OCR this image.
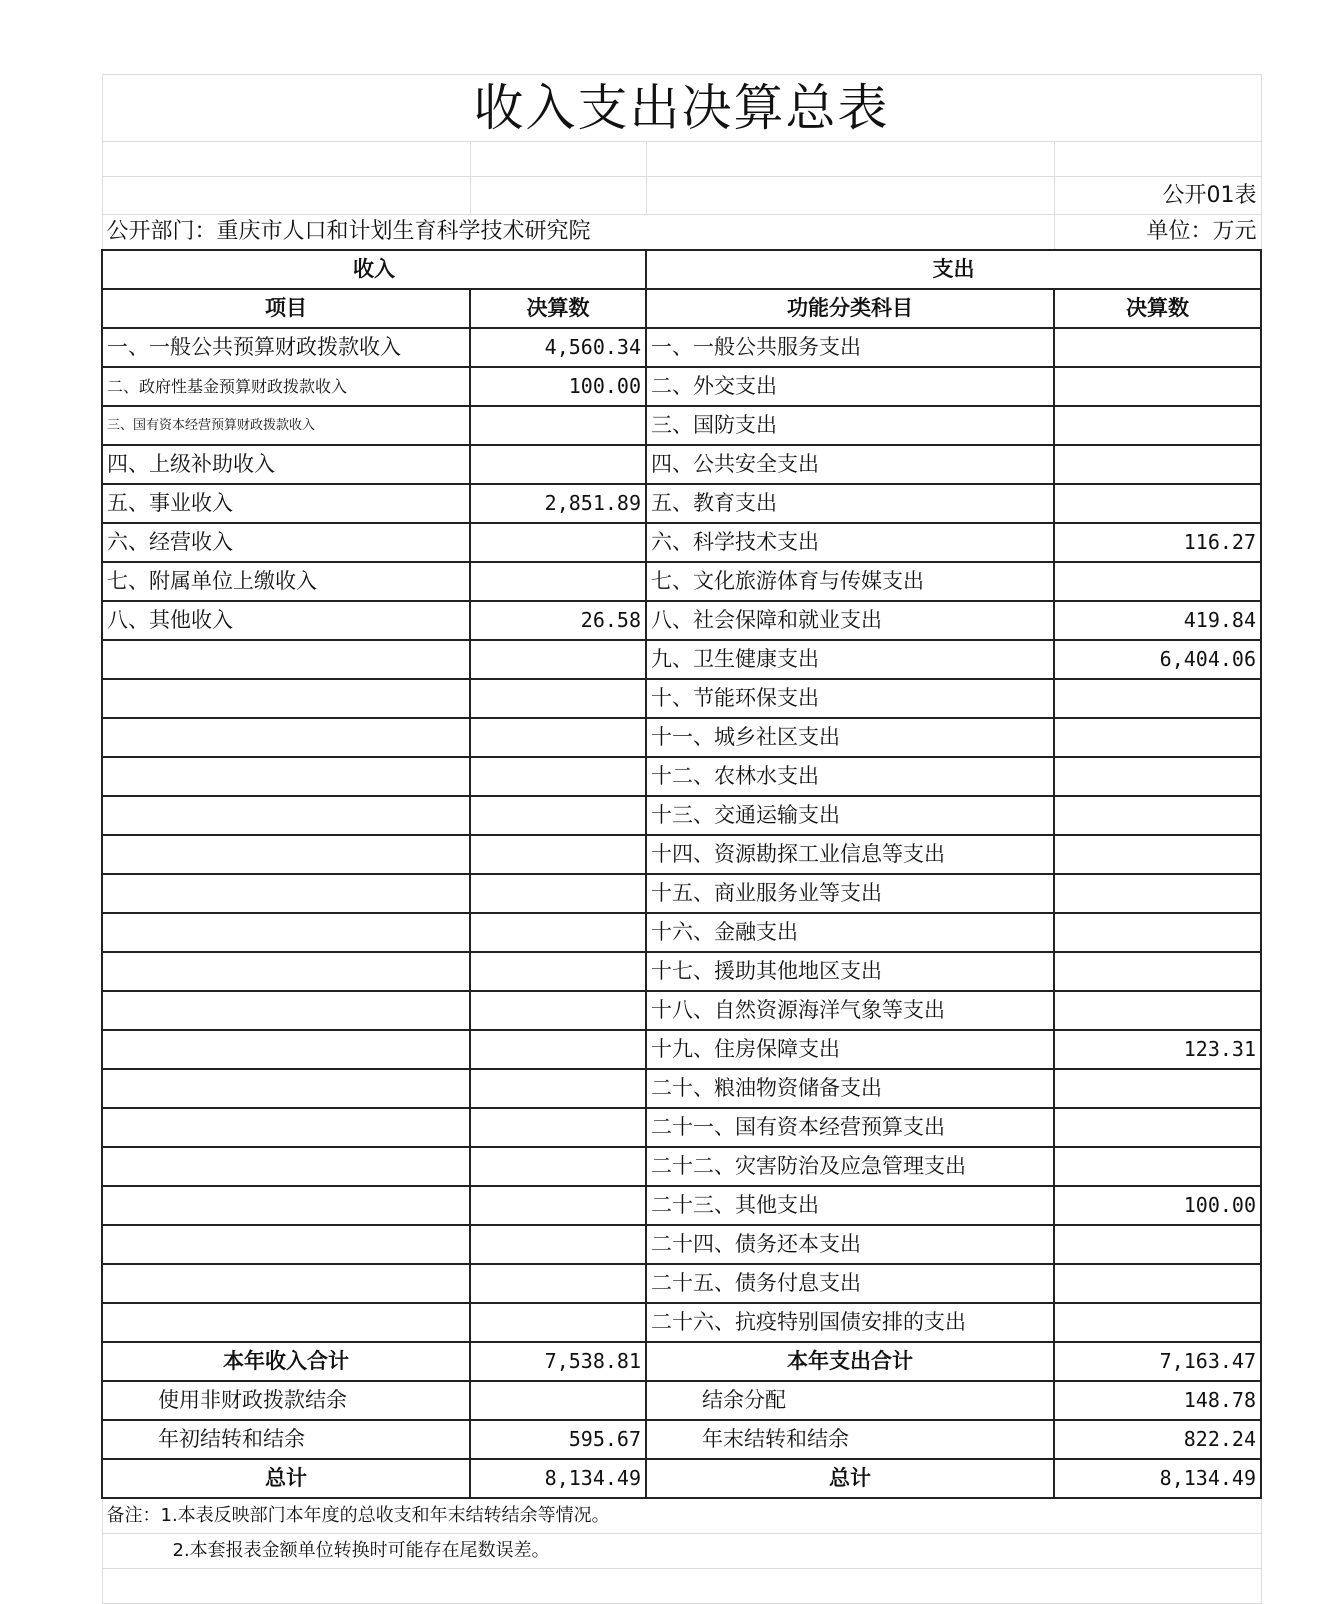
收入支出决算总表			

			公开01表
公开部门：重庆市人口和计划生育科学技术研究院			单位：万元
收入		支出	
项目	决算数	功能分类科目	决算数
一、一般公共预算财政拨款收入	4,560.34	一、一般公共服务支出	
二、政府性基金预算财政拨款收入	100.00	二、外交支出	
三、国有资本经营预算财政拨款收入		三、国防支出	
四、上级补助收入		四、公共安全支出	
五、事业收入	2,851.89	五、教育支出	
六、经营收入		六、科学技术支出	116.27
七、附属单位上缴收入		七、文化旅游体育与传媒支出	
八、其他收入	26.58	八、社会保障和就业支出	419.84
		九、卫生健康支出	6,404.06
		十、节能环保支出	
		十一、城乡社区支出	
		十二、农林水支出	
		十三、交通运输支出	
		十四、资源勘探工业信息等支出	
		十五、商业服务业等支出	
		十六、金融支出	
		十七、援助其他地区支出	
		十八、自然资源海洋气象等支出	
		十九、住房保障支出	123.31
		二十、粮油物资储备支出	
		二十一、国有资本经营预算支出	
		二十二、灾害防治及应急管理支出	
		二十三、其他支出	100.00
		二十四、债务还本支出	
		二十五、债务付息支出	
		二十六、抗疫特别国债安排的支出	
本年收入合计	7,538.81	本年支出合计	7,163.47
使用非财政拨款结余		结余分配	148.78
年初结转和结余	595.67	年末结转和结余	822.24
总计	8,134.49	总计	8,134.49
备注：1.本表反映部门本年度的总收支和年末结转结余等情况。			
2.本套报表金额单位转换时可能存在尾数误差。			
